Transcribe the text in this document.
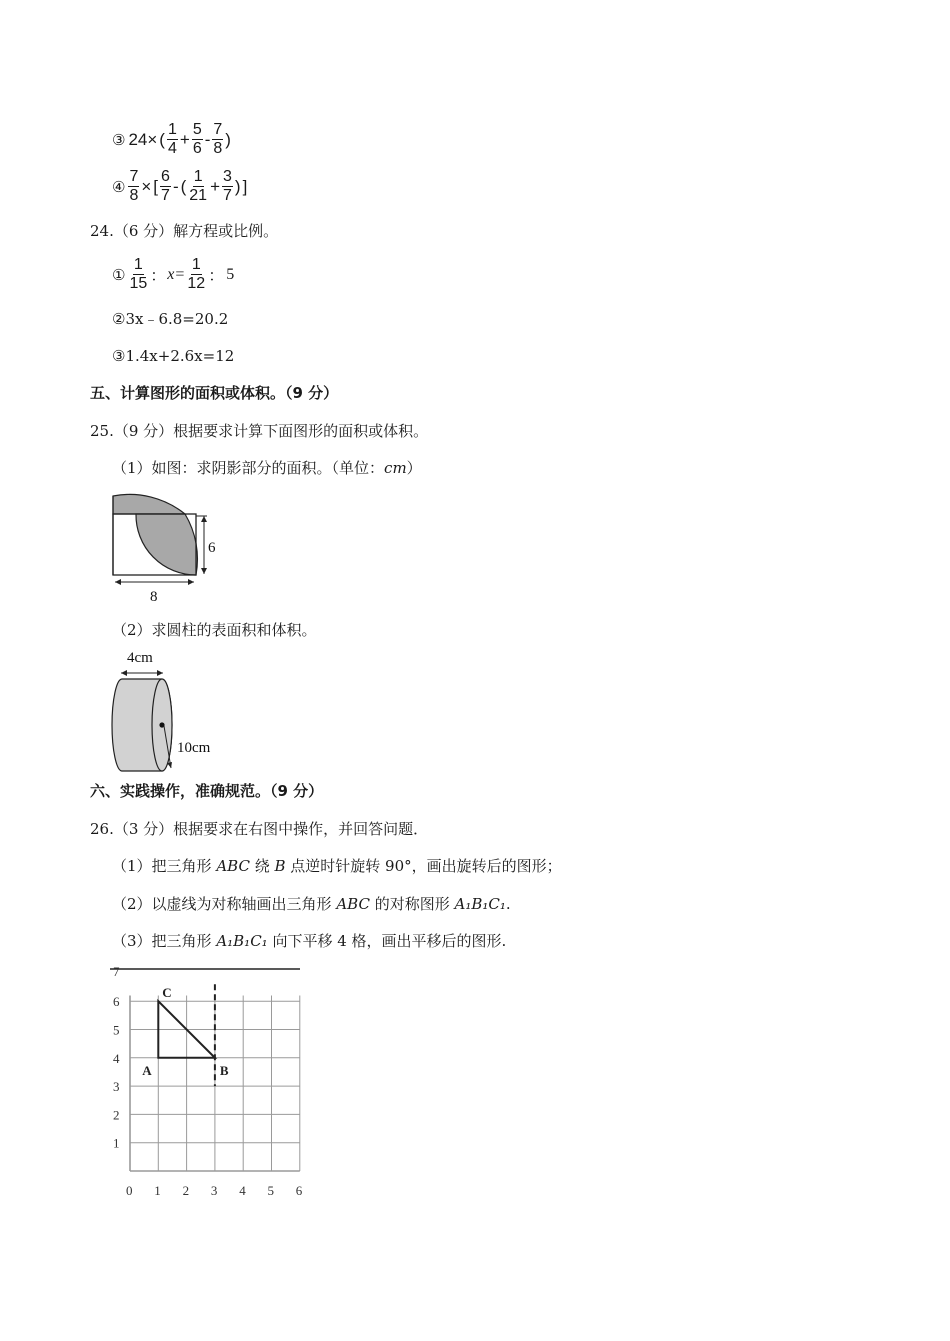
③ 24× ( $\frac{1}{4} + \frac{5}{6} - \frac{7}{8}$ )
④ $\frac{7}{8}$ × [ $\frac{6}{7}$ - ( $\frac{1}{21} + \frac{3}{7}$ ) ]
24.（6 分）解方程或比例。
① $\frac{1}{15}$ ： $x = \frac{1}{12}$ ： 5
②3x﹣6.8=20.2
③1.4x+2.6x=12
五、计算图形的面积或体积。（9 分）
25.（9 分）根据要求计算下面图形的面积或体积。
（1）如图：求阴影部分的面积。（单位：cm）
6
8
（2）求圆柱的表面积和体积。
4cm
10cm
六、实践操作，准确规范。（9 分）
26.（3 分）根据要求在右图中操作，并回答问题．
（1）把三角形 ABC 绕 B 点逆时针旋转 90°，画出旋转后的图形；
（2）以虚线为对称轴画出三角形 ABC 的对称图形 A₁B₁C₁.
（3）把三角形 A₁B₁C₁ 向下平移 4 格，画出平移后的图形.
0 1 2 3 4 5 6
1
2
3
4
5
6
7
A	B
C
